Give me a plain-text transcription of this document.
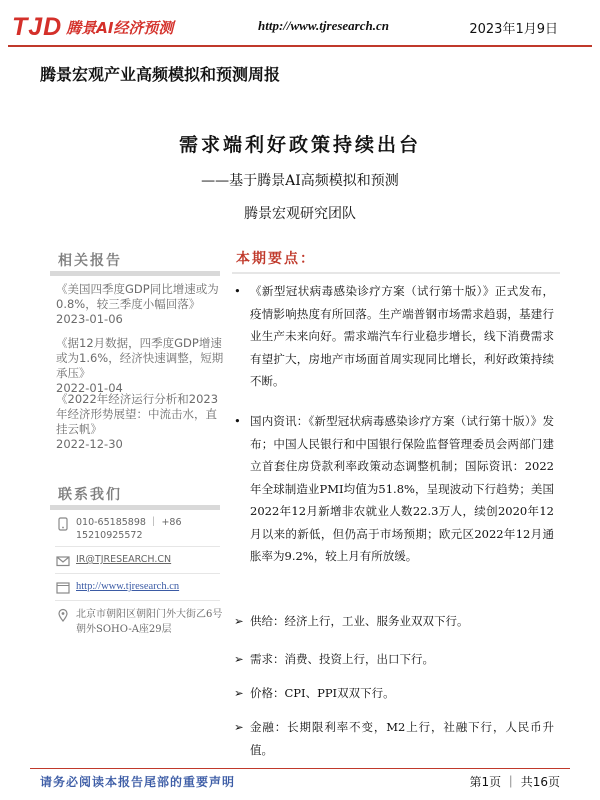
TJD 腾景AI经济预测	http://www.tjresearch.cn	2023年1月9日
腾景宏观产业高频模拟和预测周报
需求端利好政策持续出台
——基于腾景AI高频模拟和预测
腾景宏观研究团队
相关报告
《美国四季度GDP同比增速或为0.8%，较三季度小幅回落》
2023-01-06
《据12月数据，四季度GDP增速或为1.6%，经济快速调整，短期承压》
2022-01-04
《2022年经济运行分析和2023年经济形势展望：中流击水，直挂云帆》
2022-12-30
联系我们
010-65185898 ｜ +86 15210925572
IR@TJRESEARCH.CN
http://www.tjresearch.cn
北京市朝阳区朝阳门外大街乙6号朝外SOHO-A座29层
本期要点：
• 《新型冠状病毒感染诊疗方案（试行第十版）》正式发布，疫情影响热度有所回落。生产端普钢市场需求趋弱，基建行业生产未来向好。需求端汽车行业稳步增长，线下消费需求有望扩大，房地产市场面首周实现同比增长，利好政策持续不断。
• 国内资讯：《新型冠状病毒感染诊疗方案（试行第十版）》发布；中国人民银行和中国银行保险监督管理委员会两部门建立首套住房贷款利率政策动态调整机制；国际资讯：2022年全球制造业PMI均值为51.8%，呈现波动下行趋势；美国2022年12月新增非农就业人数22.3万人，续创2020年12月以来的新低，但仍高于市场预期；欧元区2022年12月通胀率为9.2%，较上月有所放缓。
➢ 供给：经济上行，工业、服务业双双下行。
➢ 需求：消费、投资上行，出口下行。
➢ 价格：CPI、PPI双双下行。
➢ 金融：长期限利率不变，M2上行，社融下行，人民币升值。
请务必阅读本报告尾部的重要声明	第1页 ｜ 共16页
